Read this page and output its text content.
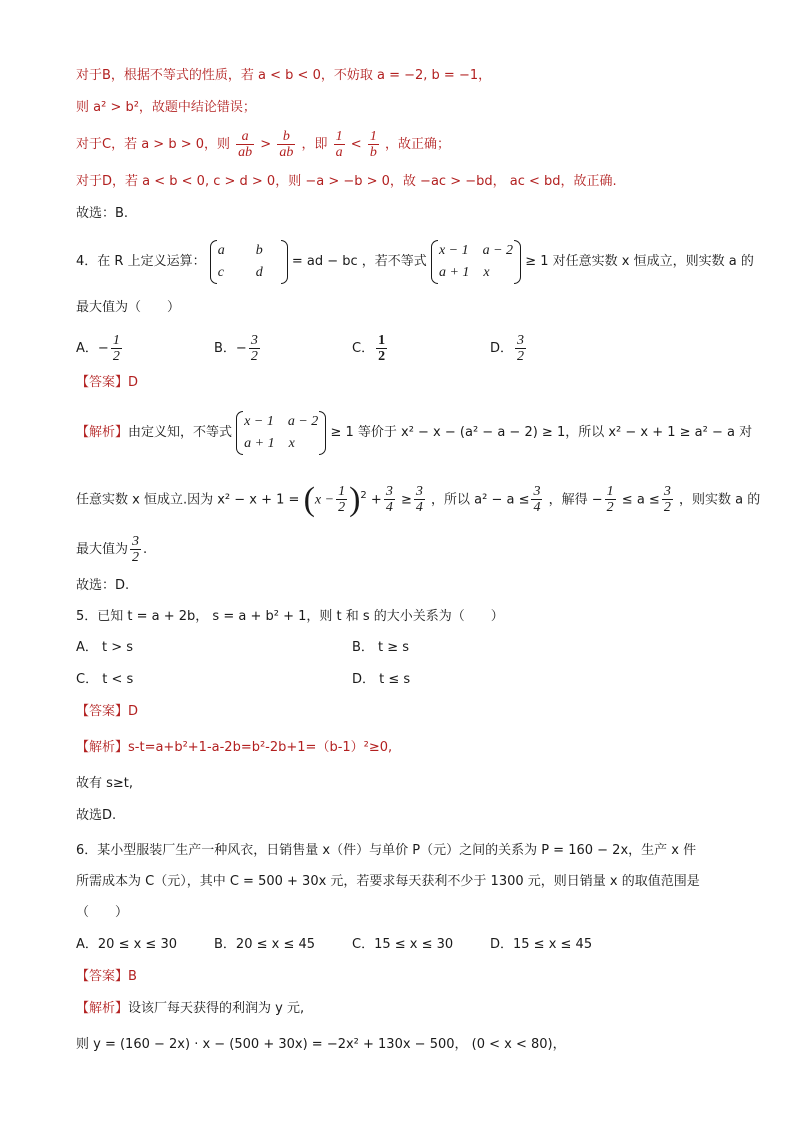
对于B，根据不等式的性质，若 a < b < 0，不妨取 a = −2, b = −1，
则 a² > b²，故题中结论错误；
对于C，若 a > b > 0，则 $\frac{a}{ab} > \frac{b}{ab}$ ，即 $\frac{1}{a} < \frac{1}{b}$ ，故正确；
对于D，若 a < b < 0, c > d > 0，则 −a > −b > 0，故 −ac > −bd， ac < bd，故正确.
故选：B.
4．在 R 上定义运算：
a b
c d
= ad − bc ，若不等式
x − 1 a − 2
a + 1 x
≥ 1 对任意实数 x 恒成立，则实数 a 的
最大值为（　　）
A．− $\frac{1}{2}$	B．− $\frac{3}{2}$	C． $\frac{1}{2}$	D． $\frac{3}{2}$
【答案】D
【解析】由定义知，不等式
x − 1 a − 2
a + 1 x
≥ 1 等价于 x² − x − (a² − a − 2) ≥ 1，所以 x² − x + 1 ≥ a² − a 对
任意实数 x 恒成立.因为 $x^2 - x + 1 = (x - \frac{1}{2} )^2 + \frac{3}{4} \ge \frac{3}{4}$ ，所以 $a^2 - a \le \frac{3}{4}$ ，解得 − $\frac{1}{2} \le a \le \frac{3}{2}$ ，则实数 a 的
最大值为 $\frac{3}{2}$ .
故选：D.
5．已知 t = a + 2b， s = a + b² + 1，则 t 和 s 的大小关系为（　　）
A． t > s	B． t ≥ s
C． t < s	D． t ≤ s
【答案】D
【解析】s-t=a+b²+1-a-2b=b²-2b+1=（b-1）²≥0,
故有 s≥t,
故选D.
6．某小型服装厂生产一种风衣，日销售量 x（件）与单价 P（元）之间的关系为 P = 160 − 2x，生产 x 件
所需成本为 C（元），其中 C = 500 + 30x 元，若要求每天获利不少于 1300 元，则日销量 x 的取值范围是
（　　）
A．20 ≤ x ≤ 30	B．20 ≤ x ≤ 45	C．15 ≤ x ≤ 30	D．15 ≤ x ≤ 45
【答案】B
【解析】设该厂每天获得的利润为 y 元,
则 y = (160 − 2x) · x − (500 + 30x) = −2x² + 130x − 500， (0 < x < 80)，
